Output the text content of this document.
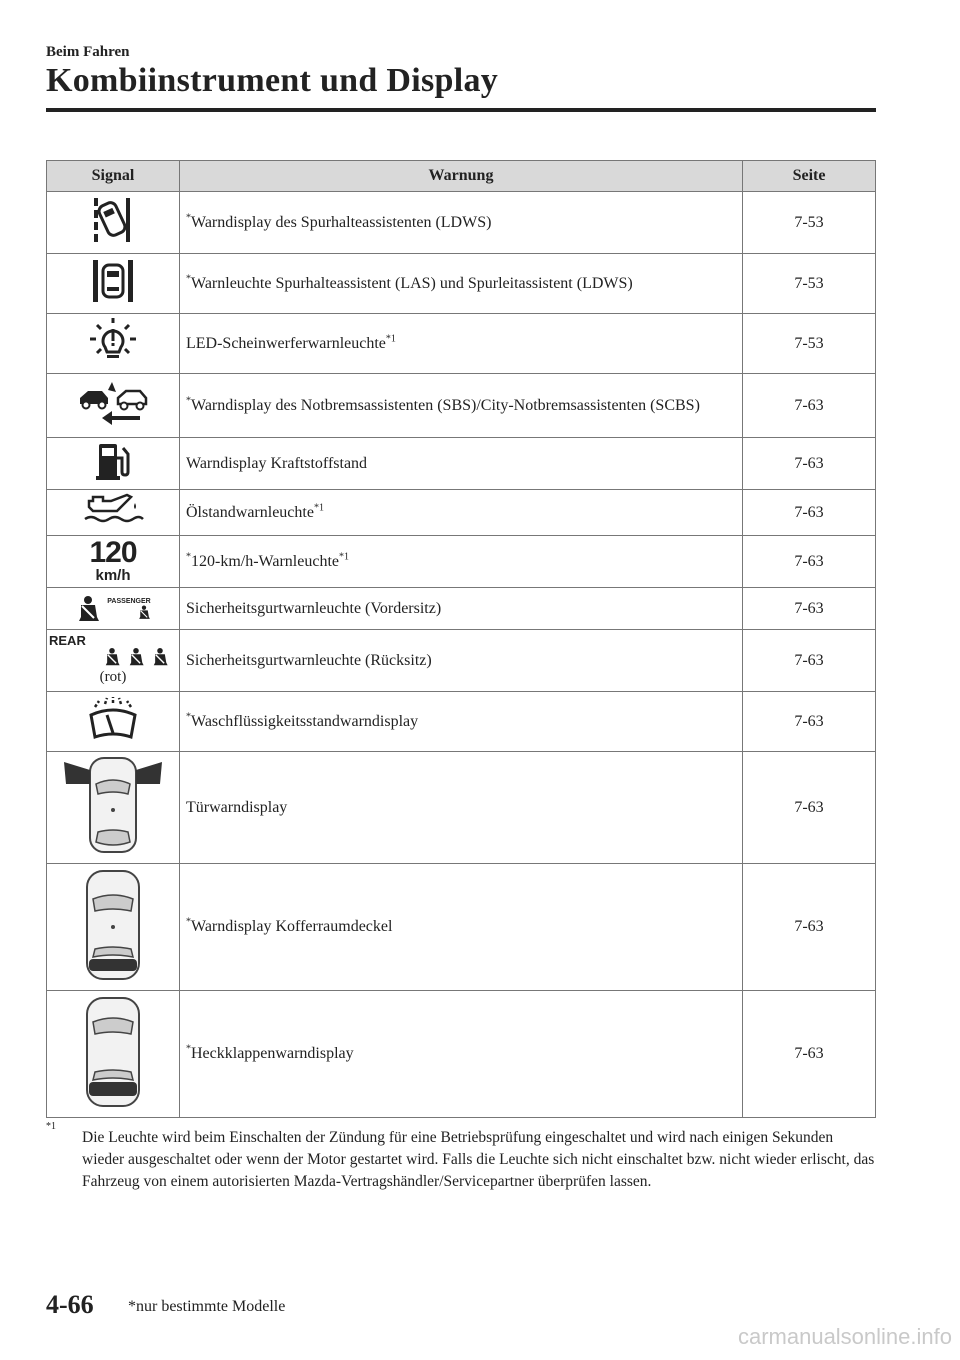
Beim Fahren
Kombiinstrument und Display
Signal	Warnung	Seite
	*Warndisplay des Spurhalteassistenten (LDWS)	7-53
	*Warnleuchte Spurhalteassistent (LAS) und Spurleitassistent (LDWS)	7-53
	LED-Scheinwerferwarnleuchte$^{*1}$	7-53
	*Warndisplay des Notbremsassistenten (SBS)/City-Notbremsassistenten (SCBS)	7-63
	Warndisplay Kraftstoffstand	7-63
	Ölstandwarnleuchte$^{*1}$	7-63

120
km/h	*120-km/h-Warnleuchte$^{*1}$	7-63

PASSENGER	Sicherheitsgurtwarnleuchte (Vordersitz)	7-63

REAR
(rot)	Sicherheitsgurtwarnleuchte (Rücksitz)	7-63
	*Waschflüssigkeitsstandwarndisplay	7-63
	Türwarndisplay	7-63
	*Warndisplay Kofferraumdeckel	7-63
	*Heckklappenwarndisplay	7-63
*1
Die Leuchte wird beim Einschalten der Zündung für eine Betriebsprüfung eingeschaltet und wird nach einigen Sekunden wieder ausgeschaltet oder wenn der Motor gestartet wird. Falls die Leuchte sich nicht einschaltet bzw. nicht wieder erlischt, das Fahrzeug von einem autorisierten Mazda-Vertragshändler/Servicepartner überprüfen lassen.
4-66 *nur bestimmte Modelle
carmanualsonline.info
